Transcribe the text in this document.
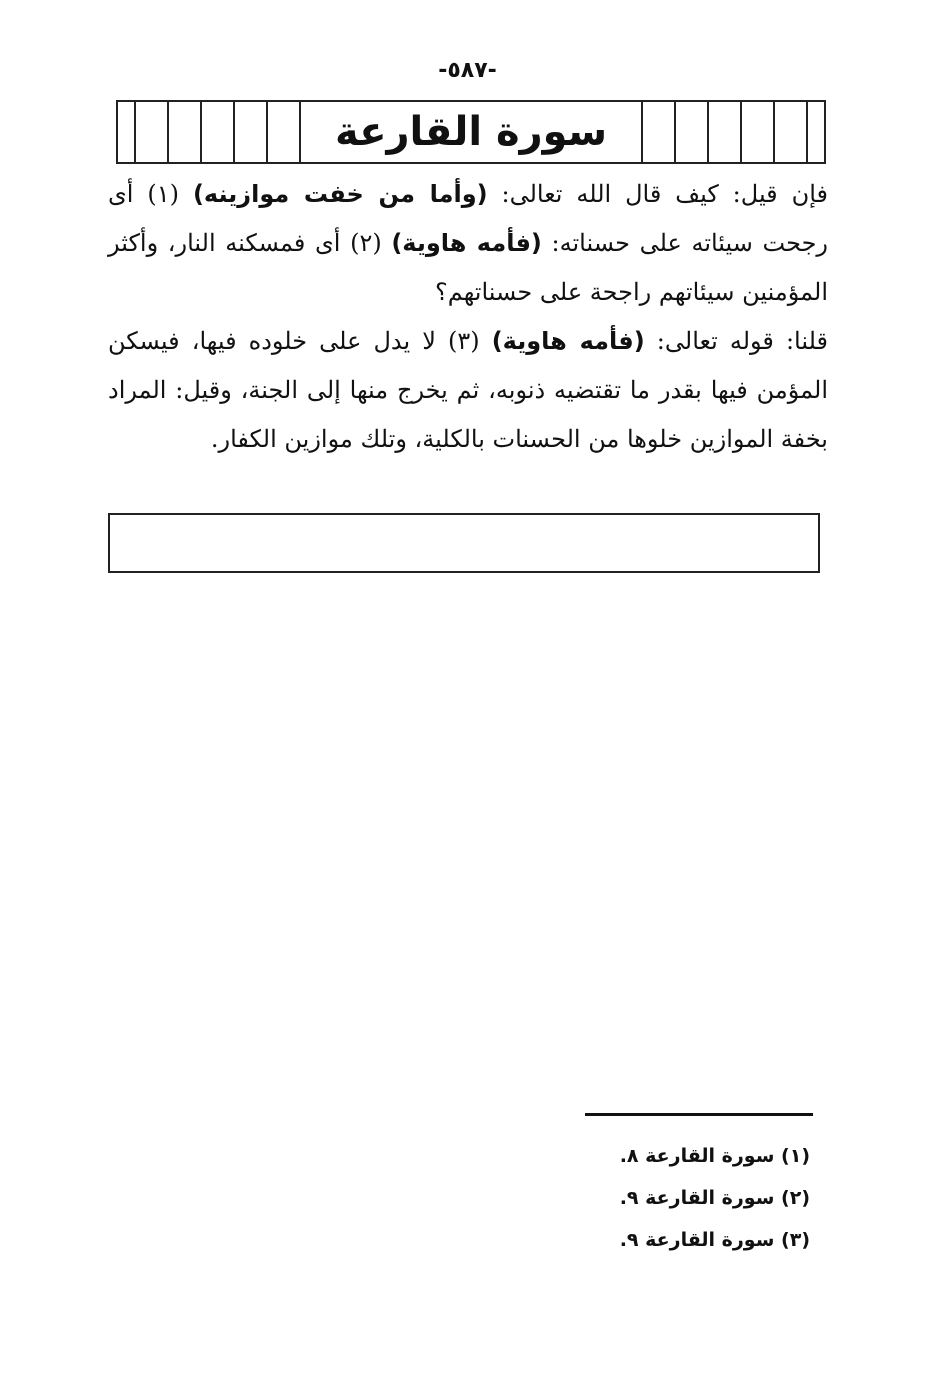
-٥٨٧-
سورة القارعة

فإن قيل: كيف قال الله تعالى: (وأما من خفت موازينه) (١) أى رجحت سيئاته على حسناته: (فأمه هاوية) (٢) أى فمسكنه النار، وأكثر المؤمنين سيئاتهم راجحة على حسناتهم؟

قلنا: قوله تعالى: (فأمه هاوية) (٣) لا يدل على خلوده فيها، فيسكن المؤمن فيها بقدر ما تقتضيه ذنوبه، ثم يخرج منها إلى الجنة، وقيل: المراد بخفة الموازين خلوها من الحسنات بالكلية، وتلك موازين الكفار.

(١) سورة القارعة ٨.
(٢) سورة القارعة ٩.
(٣) سورة القارعة ٩.
